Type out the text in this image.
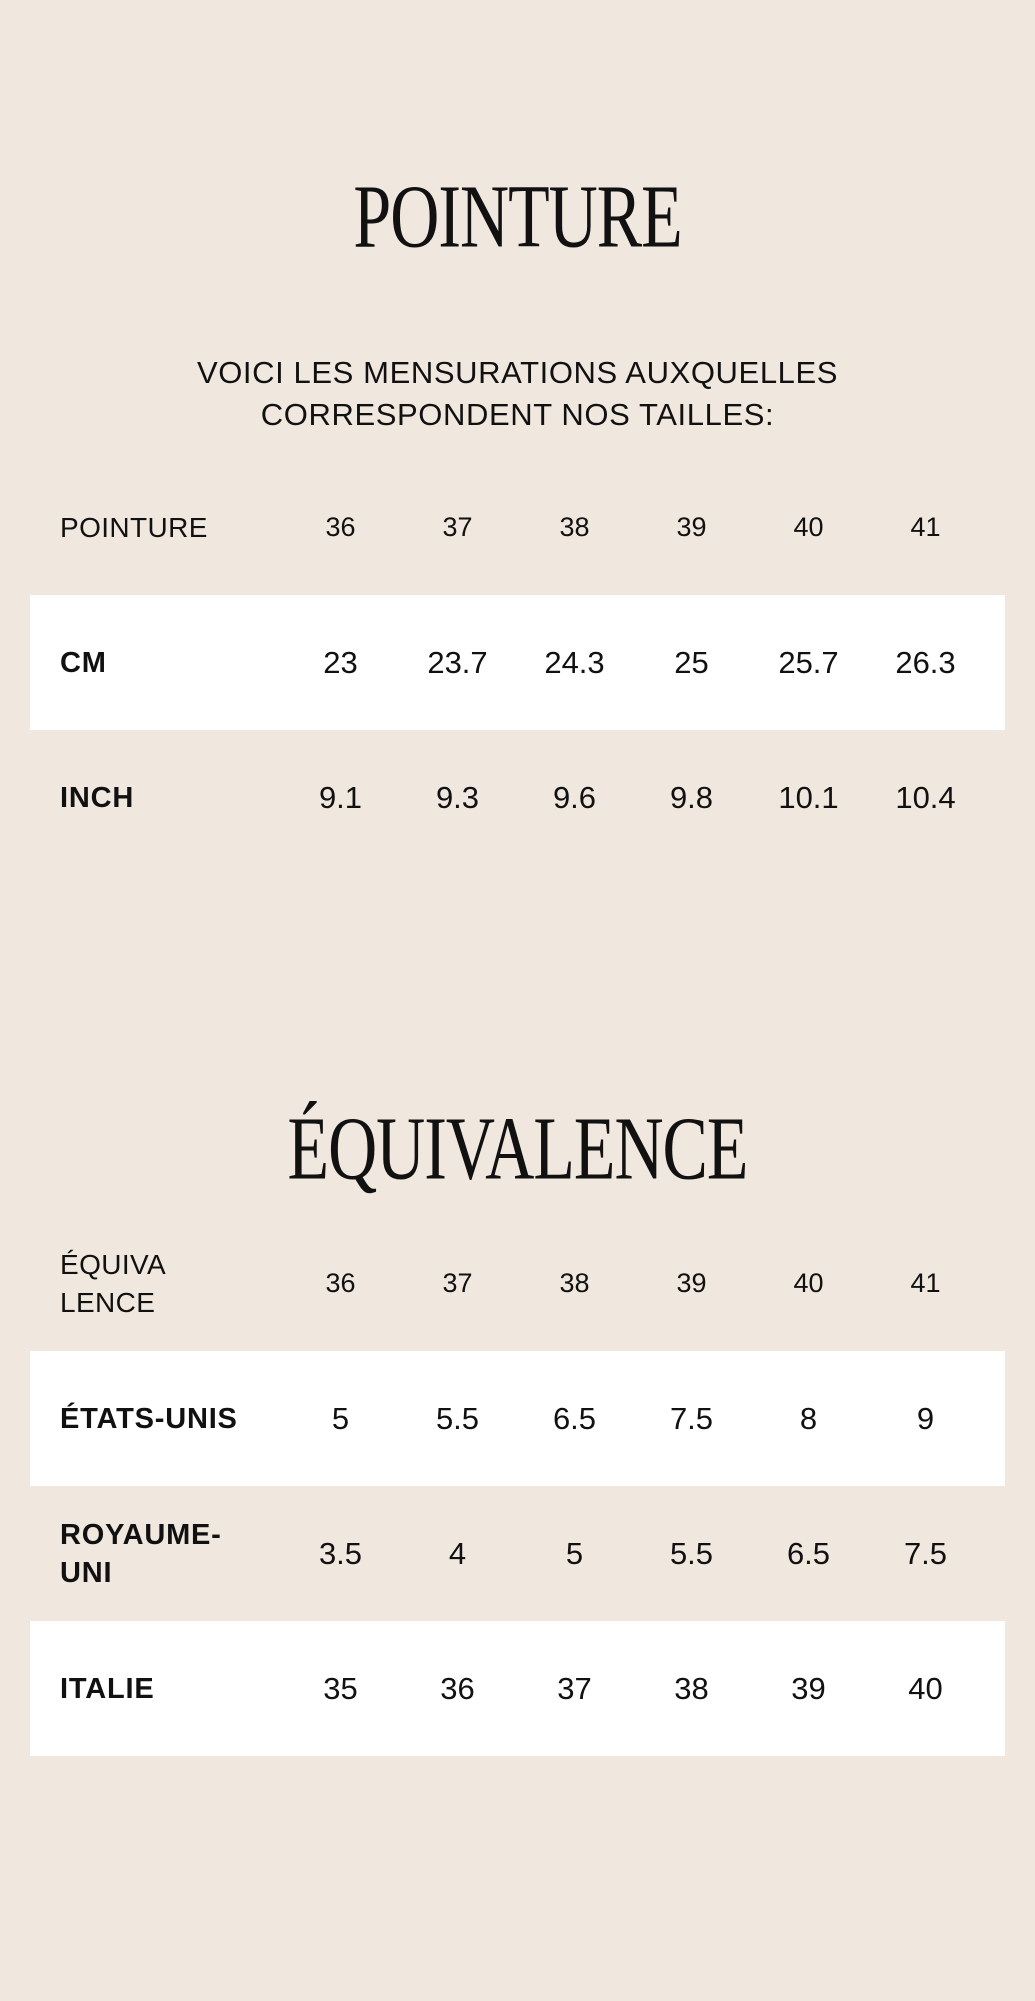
POINTURE
VOICI LES MENSURATIONS AUXQUELLES
CORRESPONDENT NOS TAILLES:
POINTURE	36	37	38	39	40	41
CM	23	23.7	24.3	25	25.7	26.3
INCH	9.1	9.3	9.6	9.8	10.1	10.4
ÉQUIVALENCE
ÉQUIVA
LENCE
36	37	38	39	40	41
ÉTATS-UNIS	5	5.5	6.5	7.5	8	9
ROYAUME-
UNI
3.5	4	5	5.5	6.5	7.5
ITALIE	35	36	37	38	39	40
